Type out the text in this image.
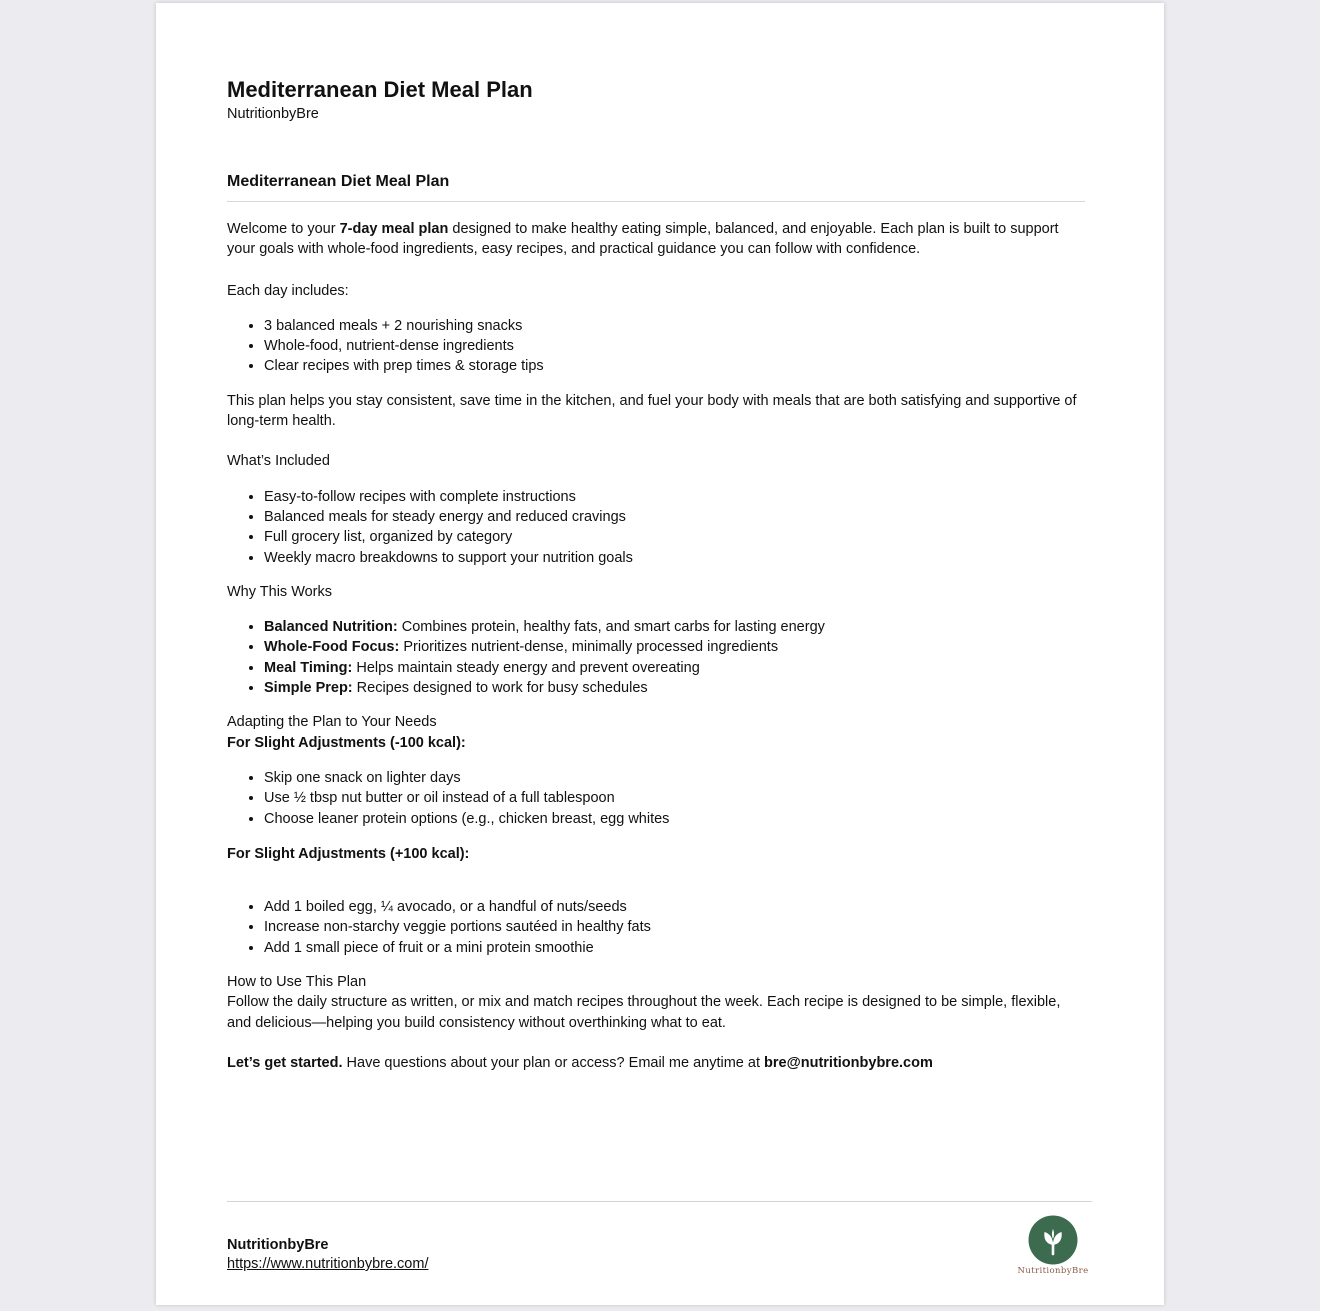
Mediterranean Diet Meal Plan

NutritionbyBre

Mediterranean Diet Meal Plan

Welcome to your 7-day meal plan designed to make healthy eating simple, balanced, and enjoyable. Each plan is built to support your goals with whole-food ingredients, easy recipes, and practical guidance you can follow with confidence.

Each day includes:

• 3 balanced meals + 2 nourishing snacks
• Whole-food, nutrient-dense ingredients
• Clear recipes with prep times & storage tips

This plan helps you stay consistent, save time in the kitchen, and fuel your body with meals that are both satisfying and supportive of long-term health.

What’s Included

• Easy-to-follow recipes with complete instructions
• Balanced meals for steady energy and reduced cravings
• Full grocery list, organized by category
• Weekly macro breakdowns to support your nutrition goals

Why This Works

• Balanced Nutrition: Combines protein, healthy fats, and smart carbs for lasting energy
• Whole-Food Focus: Prioritizes nutrient-dense, minimally processed ingredients
• Meal Timing: Helps maintain steady energy and prevent overeating
• Simple Prep: Recipes designed to work for busy schedules

Adapting the Plan to Your Needs

For Slight Adjustments (-100 kcal):

• Skip one snack on lighter days
• Use ½ tbsp nut butter or oil instead of a full tablespoon
• Choose leaner protein options (e.g., chicken breast, egg whites

For Slight Adjustments (+100 kcal):

• Add 1 boiled egg, ¼ avocado, or a handful of nuts/seeds
• Increase non-starchy veggie portions sautéed in healthy fats
• Add 1 small piece of fruit or a mini protein smoothie

How to Use This Plan

Follow the daily structure as written, or mix and match recipes throughout the week. Each recipe is designed to be simple, flexible, and delicious—helping you build consistency without overthinking what to eat.

Let’s get started. Have questions about your plan or access? Email me anytime at bre@nutritionbybre.com

NutritionbyBre
https://www.nutritionbybre.com/	NutritionbyBre
